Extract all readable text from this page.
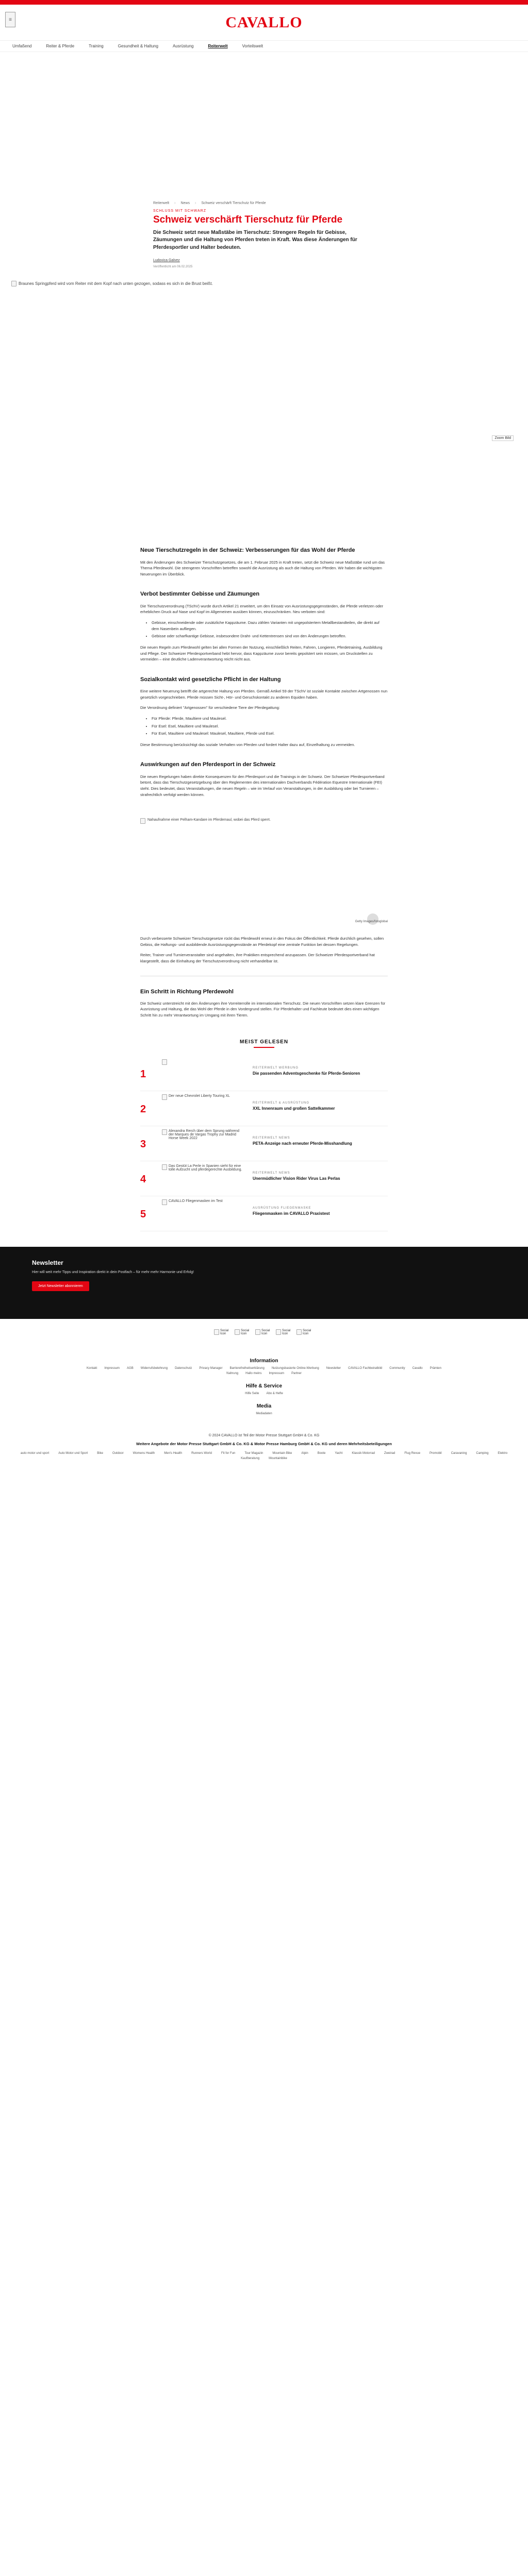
≡	CAVALLO
Umfaßend	Reiter & Pferde	Training	Gesundheit & Haltung	Ausrüstung	Reiterwelt	Vorteilswelt
Reiterwelt › News › Schweiz verschärft Tierschutz für Pferde
SCHLUSS MIT SCHWARZ
Schweiz verschärft Tierschutz für Pferde

Die Schweiz setzt neue Maßstäbe im Tierschutz: Strengere Regeln für Gebisse, Zäumungen und die Haltung von Pferden treten in Kraft. Was diese Änderungen für Pferdesportler und Halter bedeuten.

Ludovica Galvez
Veröffentlicht am 06.02.2025
Braunes Springpferd wird vom Reiter mit dem Kopf nach unten gezogen, sodass es sich in die Brust beißt.
Zoom Bild
Neue Tierschutzregeln in der Schweiz: Verbesserungen für das Wohl der Pferde

Mit den Änderungen des Schweizer Tierschutzgesetzes, die am 1. Februar 2025 in Kraft treten, setzt die Schweiz neue Maßstäbe rund um das Thema Pferdewohl. Die strengeren Vorschriften betreffen sowohl die Ausrüstung als auch die Haltung von Pferden. Wir haben die wichtigsten Neuerungen im Überblick.

Verbot bestimmter Gebisse und Zäumungen

Die Tierschutzverordnung (TSchV) wurde durch Artikel 21 erweitert, um den Einsatz von Ausrüstungsgegenständen, die Pferde verletzen oder erheblichen Druck auf Nase und Kopf im Allgemeinen ausüben können, einzuschränken. Neu verboten sind:

• Gebisse, einschneidende oder zusätzliche Kappzäume. Dazu zählen Varianten mit ungepolstertem Metallbestandteilen, die direkt auf dem Nasenbein aufliegen.
• Gebisse oder scharfkantige Gebisse, insbesondere Draht- und Kettentrensen sind von den Änderungen betroffen.

Die neuen Regeln zum Pferdewohl gelten bei allen Formen der Nutzung, einschließlich Reiten, Fahren, Longieren, Pferdetraining, Ausbildung und Pflege. Der Schweizer Pferdesportverband hebt hervor, dass Kappzäume zuvor bereits gepolstert sein müssen, um Druckstellen zu vermeiden – eine deutliche Ladenverantwortung reicht nicht aus.

Sozialkontakt wird gesetzliche Pflicht in der Haltung

Eine weitere Neuerung betrifft die artgerechte Haltung von Pferden. Gemäß Artikel 59 der TSchV ist soziale Kontakte zwischen Artgenossen nun gesetzlich vorgeschrieben. Pferde müssen Sicht-, Hör- und Geruchskontakt zu anderen Equiden haben.

Die Verordnung definiert "Artgenossen" für verschiedene Tiere der Pferdegattung:

• Für Pferde: Pferde, Maultiere und Maulesel.
• Für Esel: Esel, Maultiere und Maulesel.
• Für Esel, Maultiere und Maulesel: Maulesel, Maultiere, Pferde und Esel.

Diese Bestimmung berücksichtigt das soziale Verhalten von Pferden und fordert Halter dazu auf, Einzelhaltung zu vermeiden.

Auswirkungen auf den Pferdesport in der Schweiz

Die neuen Regelungen haben direkte Konsequenzen für den Pferdesport und die Trainings in der Schweiz. Der Schweizer Pferdesportverband betont, dass das Tierschutzgesetzgebung über den Reglementen des internationalen Dachverbands Fédération Equestre Internationale (FEI) steht. Dies bedeutet, dass Veranstaltungen, die neuen Regeln – wie im Verlauf von Veranstaltungen, in der Ausbildung oder bei Turnieren – strafrechtlich verfolgt werden können.

Nahaufnahme einer Pelham-Kandare im Pferdemaul, wobei das Pferd sperrt.
Getty Images/fotoglobal

Durch verbesserte Schweizer Tierschutzgesetze rückt das Pferdewohl erneut in den Fokus der Öffentlichkeit. Pferde durchlich gesehen, sollen Gebiss, die Haftungs- und ausbildende Ausrüstungsgegenstände an Pferdekopf eine zentrale Funktion bei dessen Regelungen.

Reiter, Trainer und Turnierveranstalter sind angehalten, ihre Praktiken entsprechend anzupassen. Der Schweizer Pferdesportverband hat klargestellt, dass die Einhaltung der Tierschutzverordnung nicht verhandelbar ist.

Ein Schritt in Richtung Pferdewohl

Die Schweiz unterstreicht mit den Änderungen ihre Vorreiterrolle im internationalen Tierschutz. Die neuen Vorschriften setzen klare Grenzen für Ausrüstung und Haltung, die das Wohl der Pferde in den Vordergrund stellen. Für Pferdehalter und Fachleute bedeutet dies einen wichtigen Schritt hin zu mehr Verantwortung im Umgang mit ihren Tieren.

MEIST GELESEN
1
REITERWELT WERBUNG
Die passenden Adventsgeschenke für Pferde-Senioren
2
Der neue Chevrolet Liberty Touring XL
REITERWELT & AUSRÜSTUNG
XXL Innenraum und großen Sattelkammer
3
Alexandra Rerch über dem Sprung während der Marques de Vargas Trophy zur Madrid Horse Week 2022	REITERWELT NEWS
PETA-Anzeige nach erneuter Pferde-Misshandlung
4
Das Gestüt La Perle in Spanien sieht für eine tolle Aufzucht und pferdegerechte Ausbildung.
REITERWELT NEWS
Unermüdlicher Vision Rider Virus Las Perlas
5
CAVALLO Fliegenmasken im Test
AUSRÜSTUNG FLIEGENMASKE
Fliegenmasken im CAVALLO Praxistest
Newsletter
Hier will weit mehr Tipps und Inspiration direkt in dein Postfach – für mehr mehr Harmonie und Erfolg!
Jetzt Newsletter abonnieren
Social Icon
Social Icon
Social Icon
Social Icon
Social Icon
Information
Kontakt Impressum AGB Widerrufsbelehrung Datenschutz Privacy Manager Barrierefreiheitserklärung Nutzungsbasierte Online-Werbung Newsletter CAVALLO Fachbeiratbild Community Cavallo Prämien
Nahrung Hallo meins Impressum Partner
Hilfe & Service
Hilfe Seite Abo & Hefte
Media
Mediadaten
© 2024 CAVALLO ist Teil der Motor Presse Stuttgart GmbH & Co. KG
Weitere Angebote der Motor Presse Stuttgart GmbH & Co. KG & Motor Presse Hamburg GmbH & Co. KG und deren Mehrheitsbeteiligungen
auto motor und sport	Auto Motor und Sport	Bike	Outdoor	Womens Health	Men's Health	Runners World	Fit for Fun	Tour Magazin	Mountain Bike	Alpin	Boote	Yacht	Klassik Motorrad	Zweirad	Flug Revue	Promobil	Caravaning	Camping	Elektro
Kaufberatung	Mountainbike
